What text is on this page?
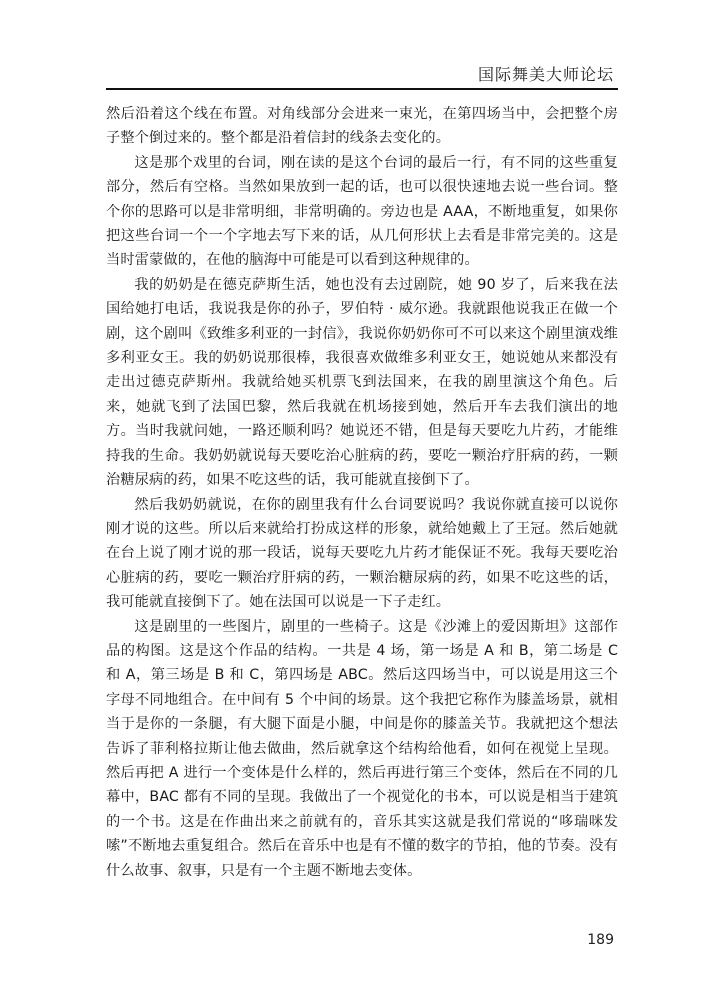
国际舞美大师论坛

然后沿着这个线在布置。对角线部分会进来一束光，在第四场当中，会把整个房子整个倒过来的。整个都是沿着信封的线条去变化的。

这是那个戏里的台词，刚在读的是这个台词的最后一行，有不同的这些重复部分，然后有空格。当然如果放到一起的话，也可以很快速地去说一些台词。整个你的思路可以是非常明细，非常明确的。旁边也是 AAA，不断地重复，如果你把这些台词一个一个字地去写下来的话，从几何形状上去看是非常完美的。这是当时雷蒙做的，在他的脑海中可能是可以看到这种规律的。

我的奶奶是在德克萨斯生活，她也没有去过剧院，她 90 岁了，后来我在法国给她打电话，我说我是你的孙子，罗伯特 · 威尔逊。我就跟他说我正在做一个剧，这个剧叫《致维多利亚的一封信》，我说你奶奶你可不可以来这个剧里演戏维多利亚女王。我的奶奶说那很棒，我很喜欢做维多利亚女王，她说她从来都没有走出过德克萨斯州。我就给她买机票飞到法国来，在我的剧里演这个角色。后来，她就飞到了法国巴黎，然后我就在机场接到她，然后开车去我们演出的地方。当时我就问她，一路还顺利吗？她说还不错，但是每天要吃九片药，才能维持我的生命。我奶奶就说每天要吃治心脏病的药，要吃一颗治疗肝病的药，一颗治糖尿病的药，如果不吃这些的话，我可能就直接倒下了。

然后我奶奶就说，在你的剧里我有什么台词要说吗？我说你就直接可以说你刚才说的这些。所以后来就给打扮成这样的形象，就给她戴上了王冠。然后她就在台上说了刚才说的那一段话，说每天要吃九片药才能保证不死。我每天要吃治心脏病的药，要吃一颗治疗肝病的药，一颗治糖尿病的药，如果不吃这些的话，我可能就直接倒下了。她在法国可以说是一下子走红。

这是剧里的一些图片，剧里的一些椅子。这是《沙滩上的爱因斯坦》这部作品的构图。这是这个作品的结构。一共是 4 场，第一场是 A 和 B，第二场是 C 和 A，第三场是 B 和 C，第四场是 ABC。然后这四场当中，可以说是用这三个字母不同地组合。在中间有 5 个中间的场景。这个我把它称作为膝盖场景，就相当于是你的一条腿，有大腿下面是小腿，中间是你的膝盖关节。我就把这个想法告诉了菲利格拉斯让他去做曲，然后就拿这个结构给他看，如何在视觉上呈现。然后再把 A 进行一个变体是什么样的，然后再进行第三个变体，然后在不同的几幕中，BAC 都有不同的呈现。我做出了一个视觉化的书本，可以说是相当于建筑的一个书。这是在作曲出来之前就有的，音乐其实这就是我们常说的“哆瑞咪发嗦”不断地去重复组合。然后在音乐中也是有不懂的数字的节拍，他的节奏。没有什么故事、叙事，只是有一个主题不断地去变体。

189
